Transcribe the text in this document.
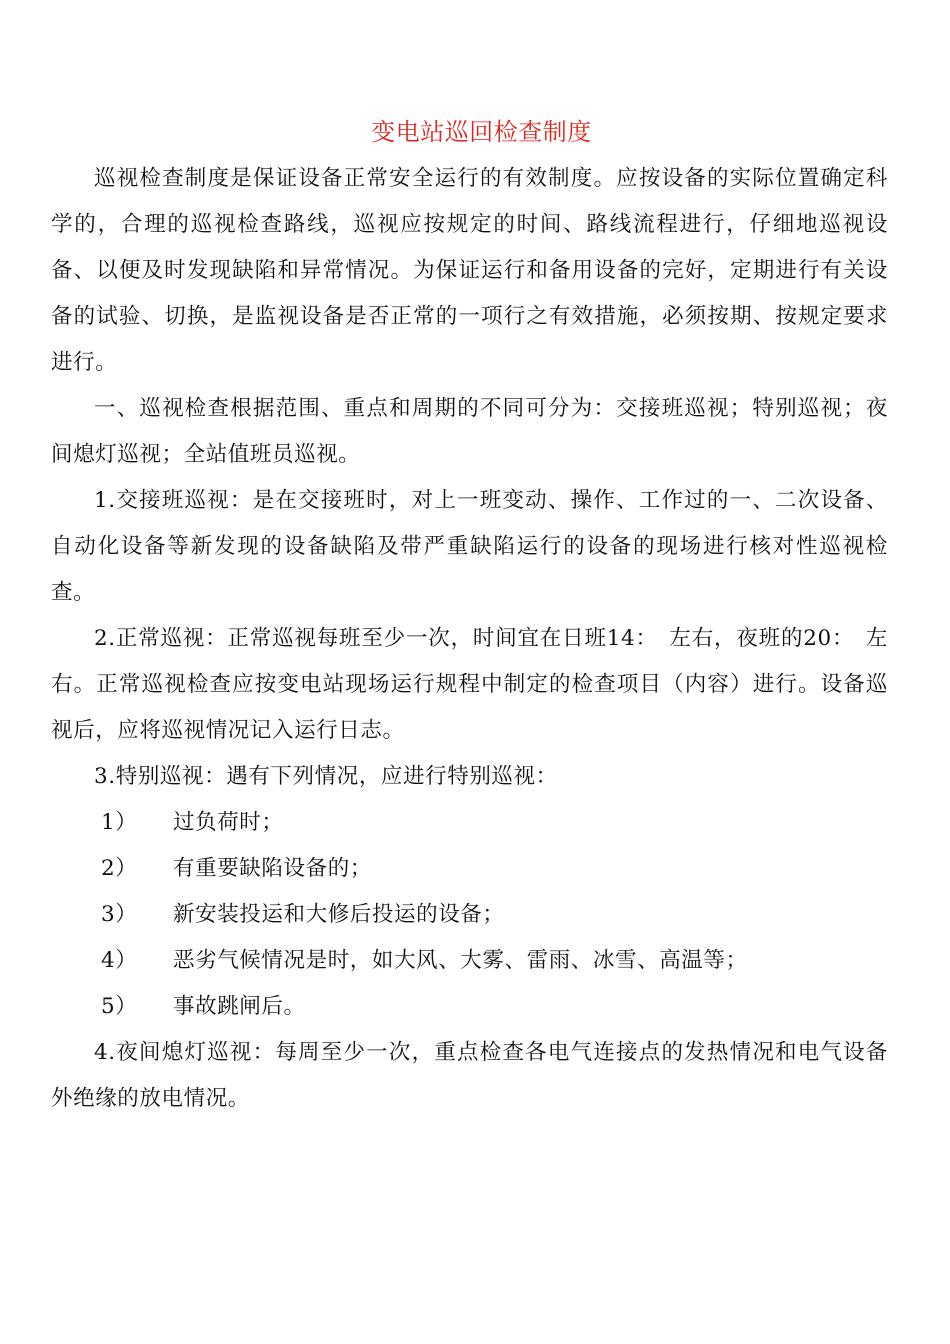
变电站巡回检查制度

巡视检查制度是保证设备正常安全运行的有效制度。应按设备的实际位置确定科学的，合理的巡视检查路线，巡视应按规定的时间、路线流程进行，仔细地巡视设备、以便及时发现缺陷和异常情况。为保证运行和备用设备的完好，定期进行有关设备的试验、切换，是监视设备是否正常的一项行之有效措施，必须按期、按规定要求进行。

一、巡视检查根据范围、重点和周期的不同可分为：交接班巡视；特别巡视；夜间熄灯巡视；全站值班员巡视。

1.交接班巡视：是在交接班时，对上一班变动、操作、工作过的一、二次设备、自动化设备等新发现的设备缺陷及带严重缺陷运行的设备的现场进行核对性巡视检查。

2.正常巡视：正常巡视每班至少一次，时间宜在日班14：　左右，夜班的20：　左右。正常巡视检查应按变电站现场运行规程中制定的检查项目（内容）进行。设备巡视后，应将巡视情况记入运行日志。

3.特别巡视：遇有下列情况，应进行特别巡视：

1）	过负荷时；
2）	有重要缺陷设备的；
3）	新安装投运和大修后投运的设备；
4）	恶劣气候情况是时，如大风、大雾、雷雨、冰雪、高温等；
5）	事故跳闸后。

4.夜间熄灯巡视：每周至少一次，重点检查各电气连接点的发热情况和电气设备外绝缘的放电情况。
